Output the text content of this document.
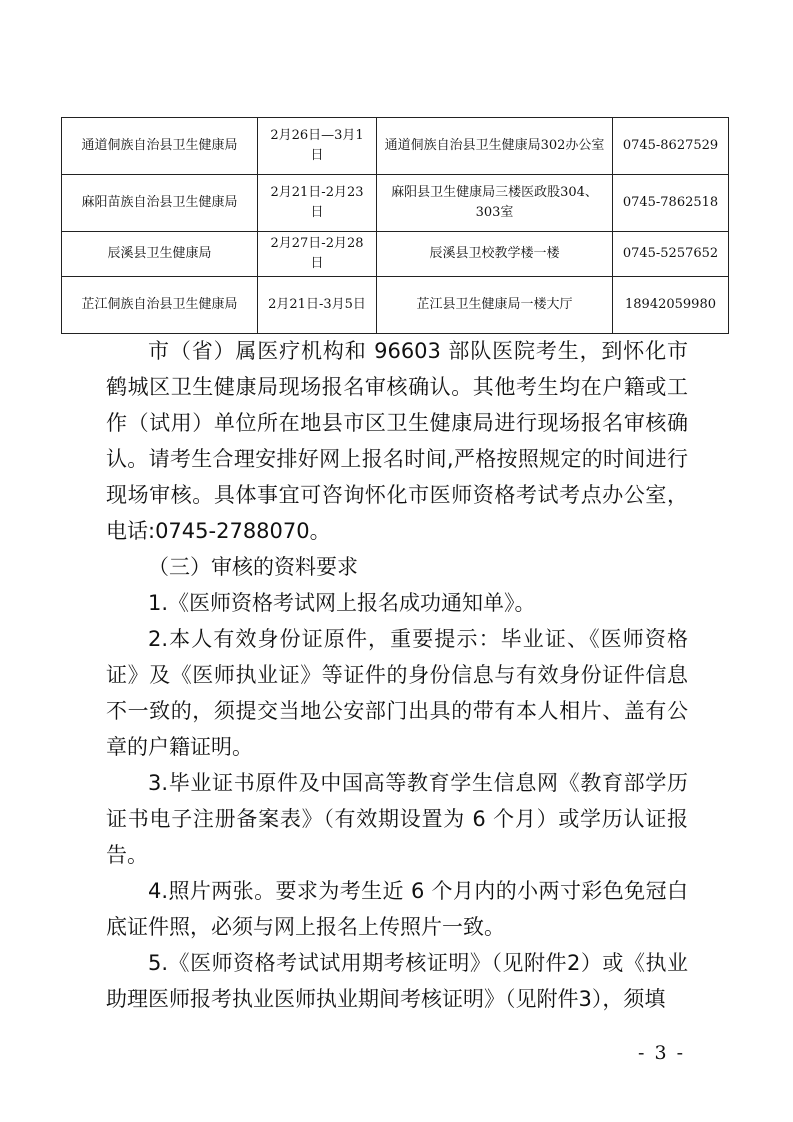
通道侗族自治县卫生健康局	2月26日—3月1日	通道侗族自治县卫生健康局302办公室	0745-8627529
麻阳苗族自治县卫生健康局	2月21日-2月23日	麻阳县卫生健康局三楼医政股304、303室	0745-7862518
辰溪县卫生健康局	2月27日-2月28日	辰溪县卫校教学楼一楼	0745-5257652
芷江侗族自治县卫生健康局	2月21日-3月5日	芷江县卫生健康局一楼大厅	18942059980

市（省）属医疗机构和 96603 部队医院考生，到怀化市鹤城区卫生健康局现场报名审核确认。其他考生均在户籍或工作（试用）单位所在地县市区卫生健康局进行现场报名审核确认。请考生合理安排好网上报名时间,严格按照规定的时间进行现场审核。具体事宜可咨询怀化市医师资格考试考点办公室，电话:0745-2788070。

（三）审核的资料要求

1.《医师资格考试网上报名成功通知单》。

2.本人有效身份证原件，重要提示：毕业证、《医师资格证》及《医师执业证》等证件的身份信息与有效身份证件信息不一致的，须提交当地公安部门出具的带有本人相片、盖有公章的户籍证明。

3.毕业证书原件及中国高等教育学生信息网《教育部学历证书电子注册备案表》（有效期设置为 6 个月）或学历认证报告。

4.照片两张。要求为考生近 6 个月内的小两寸彩色免冠白底证件照，必须与网上报名上传照片一致。

5.《医师资格考试试用期考核证明》（见附件2）或《执业助理医师报考执业医师执业期间考核证明》（见附件3），须填

- 3 -
